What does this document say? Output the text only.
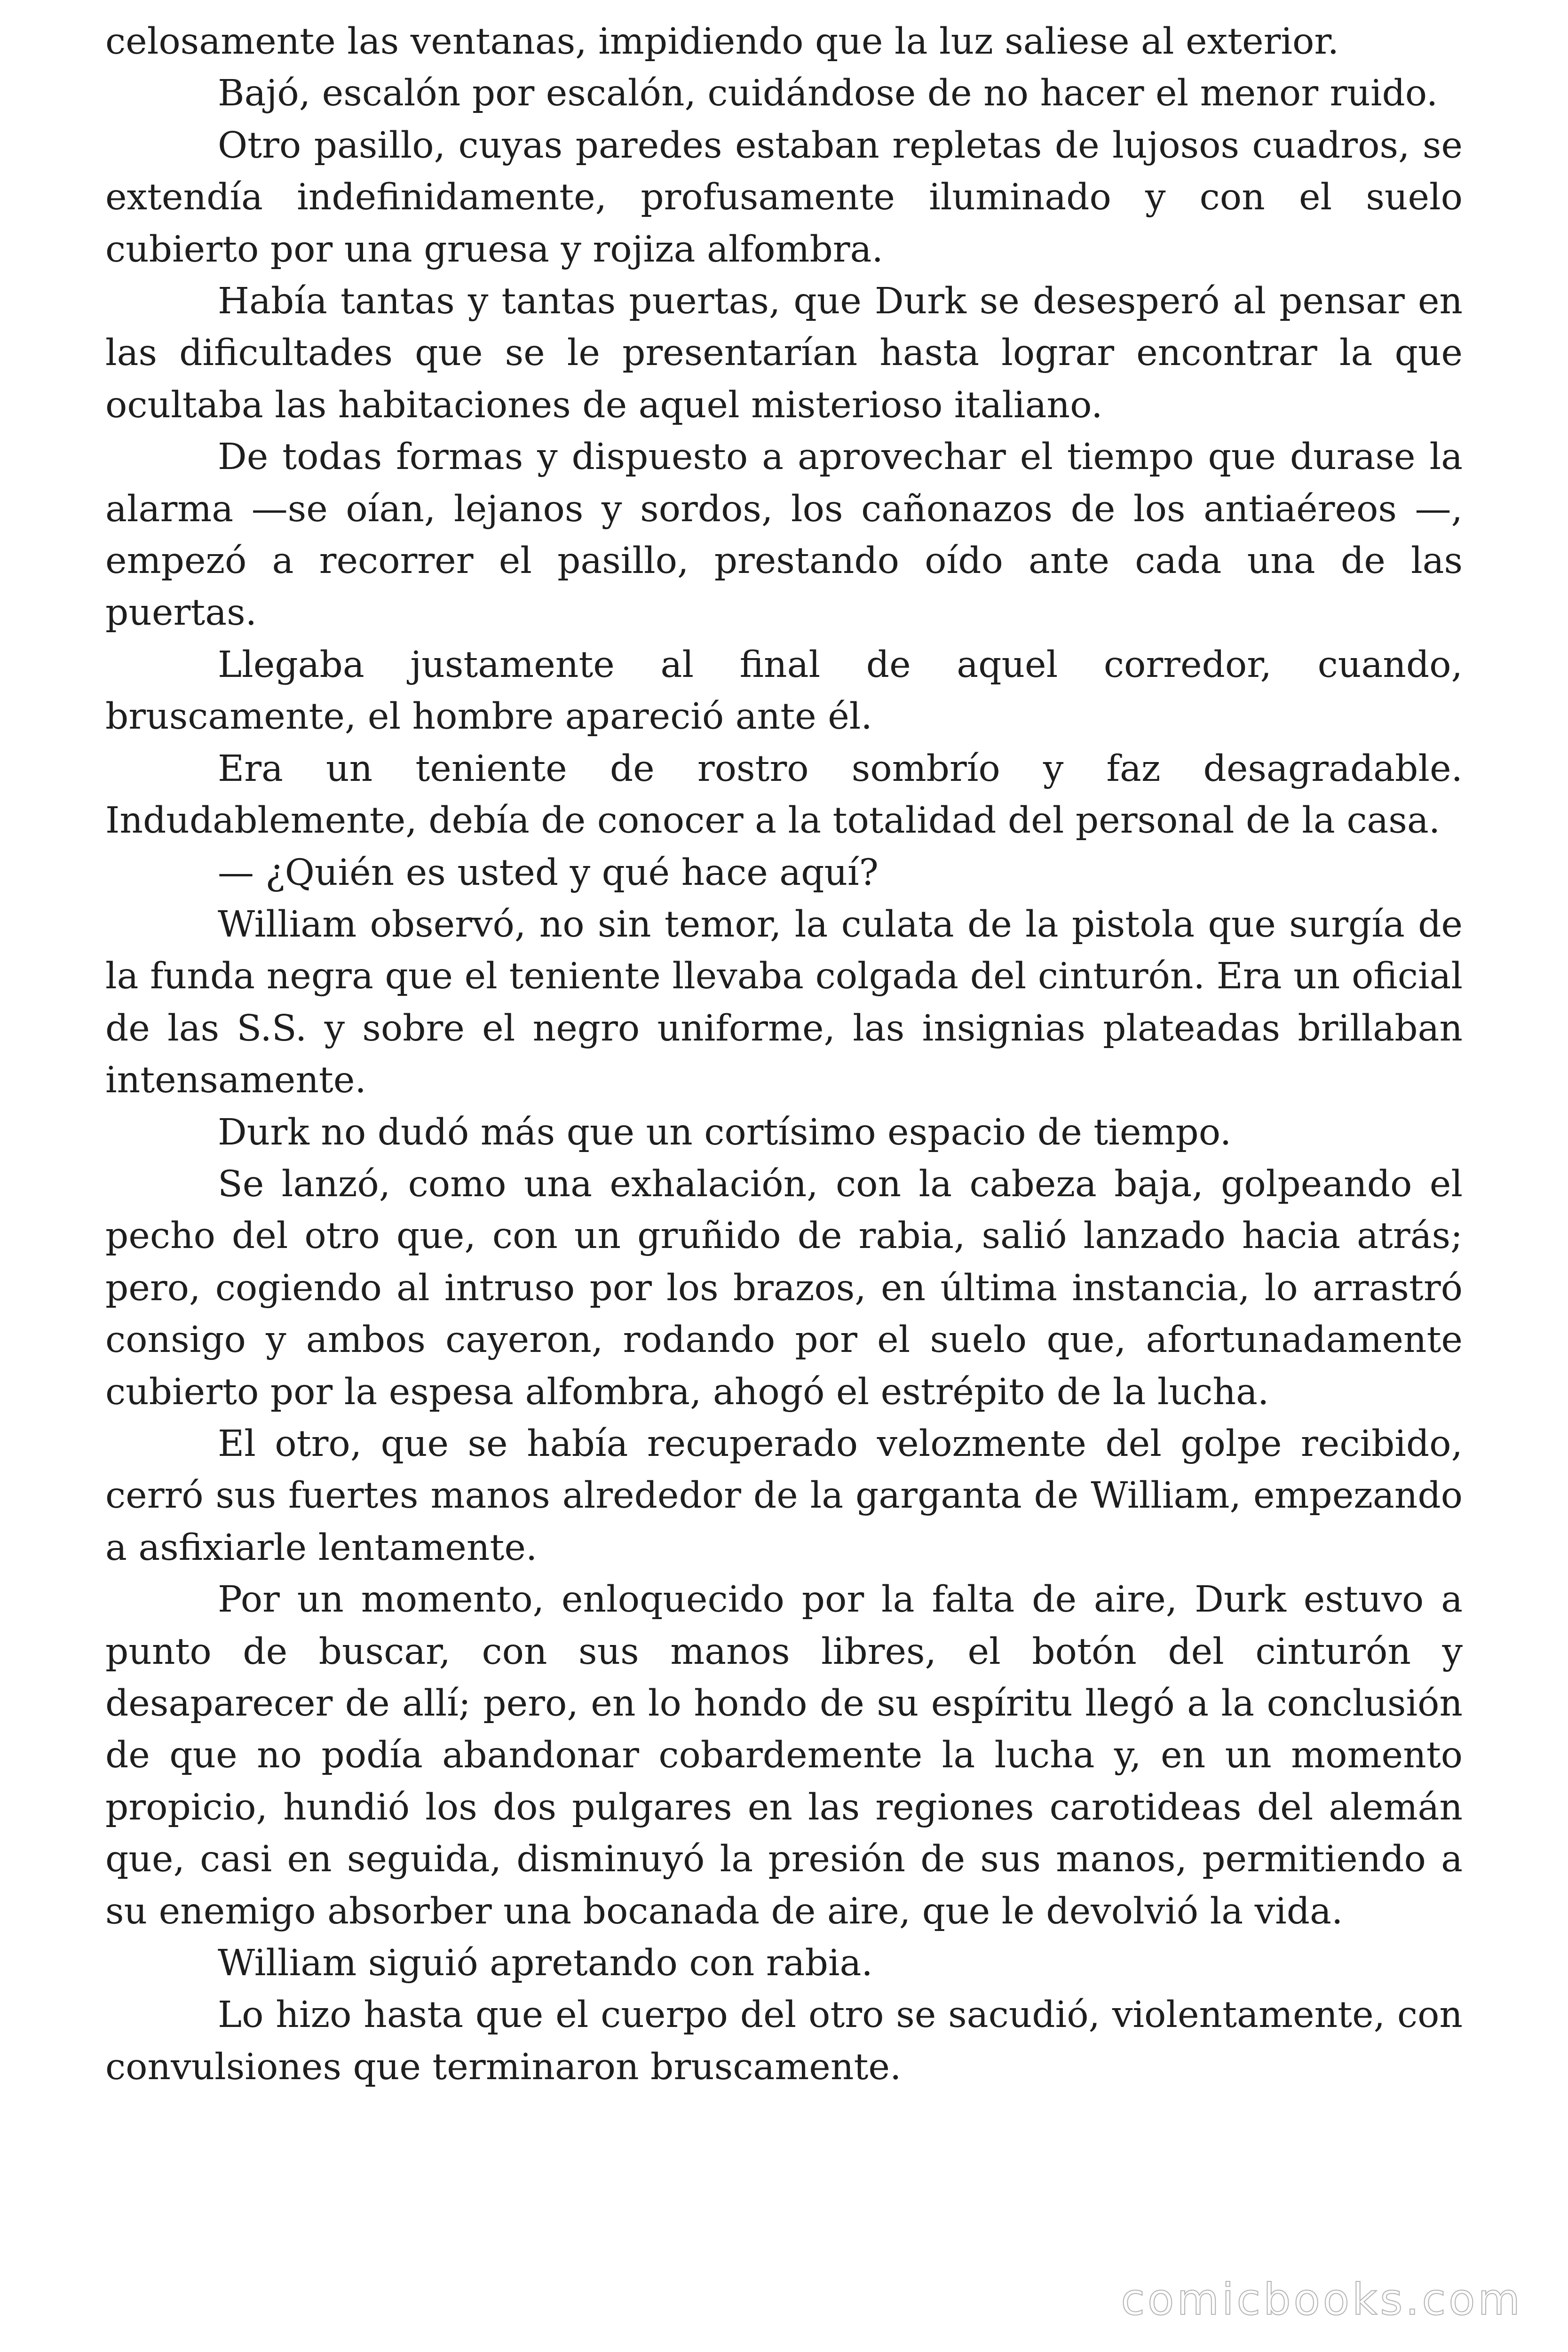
celosamente las ventanas, impidiendo que la luz saliese al exterior.

Bajó, escalón por escalón, cuidándose de no hacer el menor ruido.

Otro pasillo, cuyas paredes estaban repletas de lujosos cuadros, se extendía indefinidamente, profusamente iluminado y con el suelo cubierto por una gruesa y rojiza alfombra.

Había tantas y tantas puertas, que Durk se desesperó al pensar en las dificultades que se le presentarían hasta lograr encontrar la que ocultaba las habitaciones de aquel misterioso italiano.

De todas formas y dispuesto a aprovechar el tiempo que durase la alarma —se oían, lejanos y sordos, los cañonazos de los antiaéreos —, empezó a recorrer el pasillo, prestando oído ante cada una de las puertas.

Llegaba justamente al final de aquel corredor, cuando, bruscamente, el hombre apareció ante él.

Era un teniente de rostro sombrío y faz desagradable. Indudablemente, debía de conocer a la totalidad del personal de la casa.

— ¿Quién es usted y qué hace aquí?

William observó, no sin temor, la culata de la pistola que surgía de la funda negra que el teniente llevaba colgada del cinturón. Era un oficial de las S.S. y sobre el negro uniforme, las insignias plateadas brillaban intensamente.

Durk no dudó más que un cortísimo espacio de tiempo.

Se lanzó, como una exhalación, con la cabeza baja, golpeando el pecho del otro que, con un gruñido de rabia, salió lanzado hacia atrás; pero, cogiendo al intruso por los brazos, en última instancia, lo arrastró consigo y ambos cayeron, rodando por el suelo que, afortunadamente cubierto por la espesa alfombra, ahogó el estrépito de la lucha.

El otro, que se había recuperado velozmente del golpe recibido, cerró sus fuertes manos alrededor de la garganta de William, empezando a asfixiarle lentamente.

Por un momento, enloquecido por la falta de aire, Durk estuvo a punto de buscar, con sus manos libres, el botón del cinturón y desaparecer de allí; pero, en lo hondo de su espíritu llegó a la conclusión de que no podía abandonar cobardemente la lucha y, en un momento propicio, hundió los dos pulgares en las regiones carotideas del alemán que, casi en seguida, disminuyó la presión de sus manos, permitiendo a su enemigo absorber una bocanada de aire, que le devolvió la vida.

William siguió apretando con rabia.

Lo hizo hasta que el cuerpo del otro se sacudió, violentamente, con convulsiones que terminaron bruscamente.

comicbooks.com
